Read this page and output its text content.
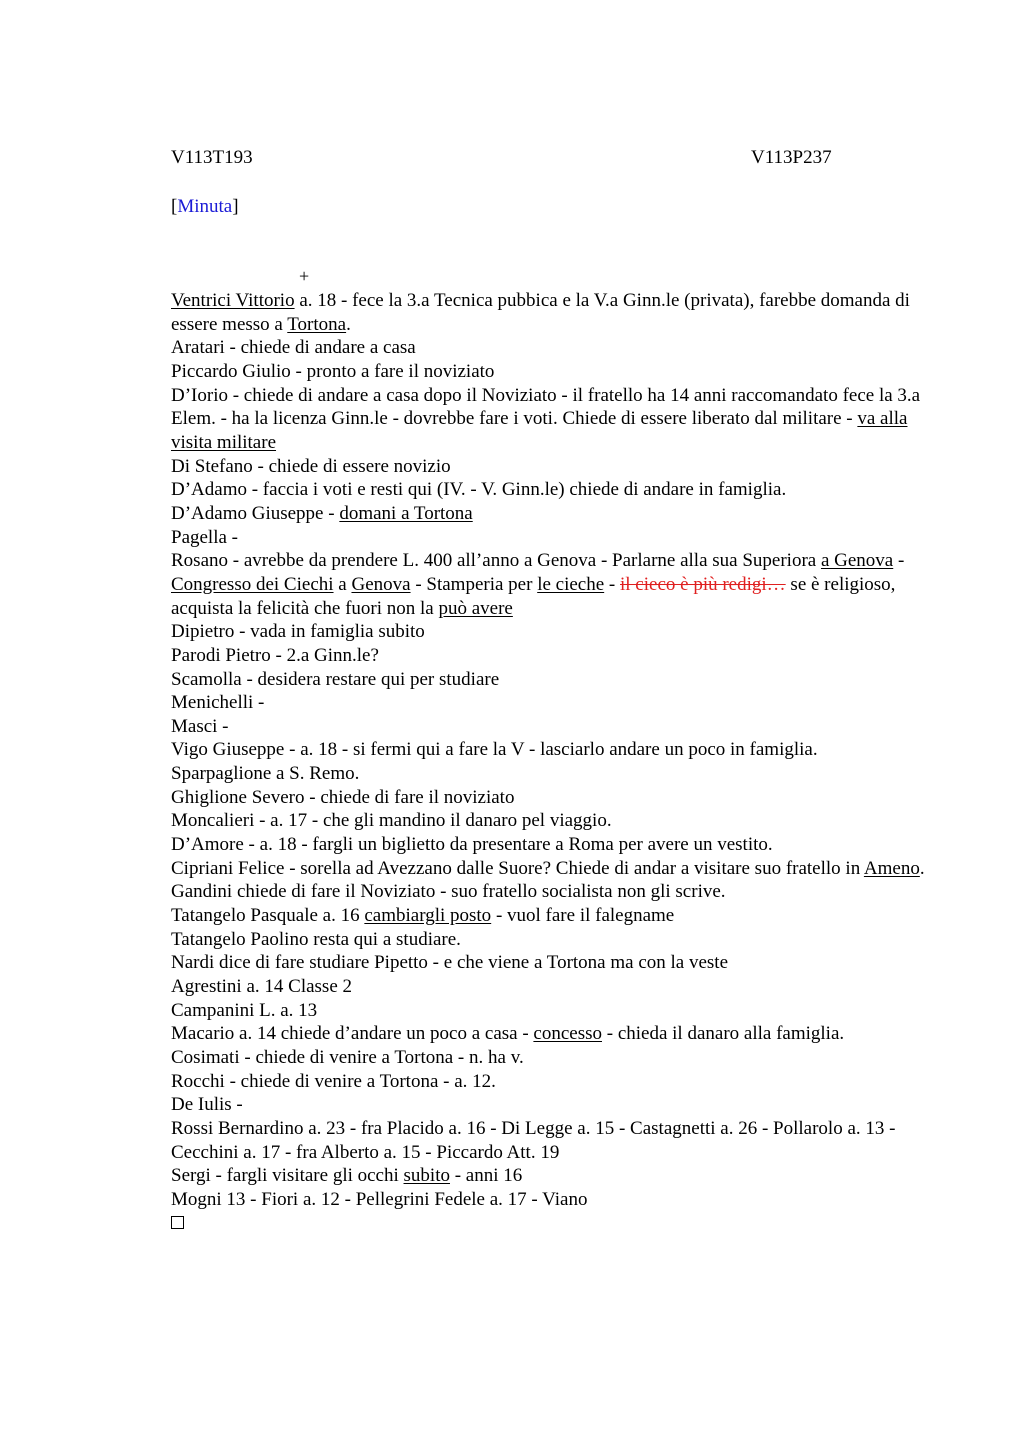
V113T193	V113P237
[Minuta]
+

Ventrici Vittorio a. 18 - fece la 3.a Tecnica pubbica e la V.a Ginn.le (privata), farebbe domanda di essere messo a Tortona.

Aratari - chiede di andare a casa

Piccardo Giulio - pronto a fare il noviziato

D’Iorio - chiede di andare a casa dopo il Noviziato - il fratello ha 14 anni raccomandato fece la 3.a Elem. - ha la licenza Ginn.le - dovrebbe fare i voti. Chiede di essere liberato dal militare - va alla visita militare

Di Stefano - chiede di essere novizio

D’Adamo - faccia i voti e resti qui (IV. - V. Ginn.le) chiede di andare in famiglia.

D’Adamo Giuseppe - domani a Tortona

Pagella -

Rosano - avrebbe da prendere L. 400 all’anno a Genova - Parlarne alla sua Superiora a Genova - Congresso dei Ciechi a Genova - Stamperia per le cieche - il cieco è più redigi… se è religioso, acquista la felicità che fuori non la può avere

Dipietro - vada in famiglia subito

Parodi Pietro - 2.a Ginn.le?

Scamolla - desidera restare qui per studiare

Menichelli -

Masci -

Vigo Giuseppe - a. 18 - si fermi qui a fare la V - lasciarlo andare un poco in famiglia.

Sparpaglione a S. Remo.

Ghiglione Severo - chiede di fare il noviziato

Moncalieri - a. 17 - che gli mandino il danaro pel viaggio.

D’Amore - a. 18 - fargli un biglietto da presentare a Roma per avere un vestito.

Cipriani Felice - sorella ad Avezzano dalle Suore? Chiede di andar a visitare suo fratello in Ameno.

Gandini chiede di fare il Noviziato - suo fratello socialista non gli scrive.

Tatangelo Pasquale a. 16 cambiargli posto - vuol fare il falegname

Tatangelo Paolino resta qui a studiare.

Nardi dice di fare studiare Pipetto - e che viene a Tortona ma con la veste

Agrestini a. 14 Classe 2

Campanini L. a. 13

Macario a. 14 chiede d’andare un poco a casa - concesso - chieda il danaro alla famiglia.

Cosimati - chiede di venire a Tortona - n. ha v.

Rocchi - chiede di venire a Tortona - a. 12.

De Iulis -

Rossi Bernardino a. 23 - fra Placido a. 16 - Di Legge a. 15 - Castagnetti a. 26 - Pollarolo a. 13 - Cecchini a. 17 - fra Alberto a. 15 - Piccardo Att. 19

Sergi - fargli visitare gli occhi subito - anni 16

Mogni 13 - Fiori a. 12 - Pellegrini Fedele a. 17 - Viano
